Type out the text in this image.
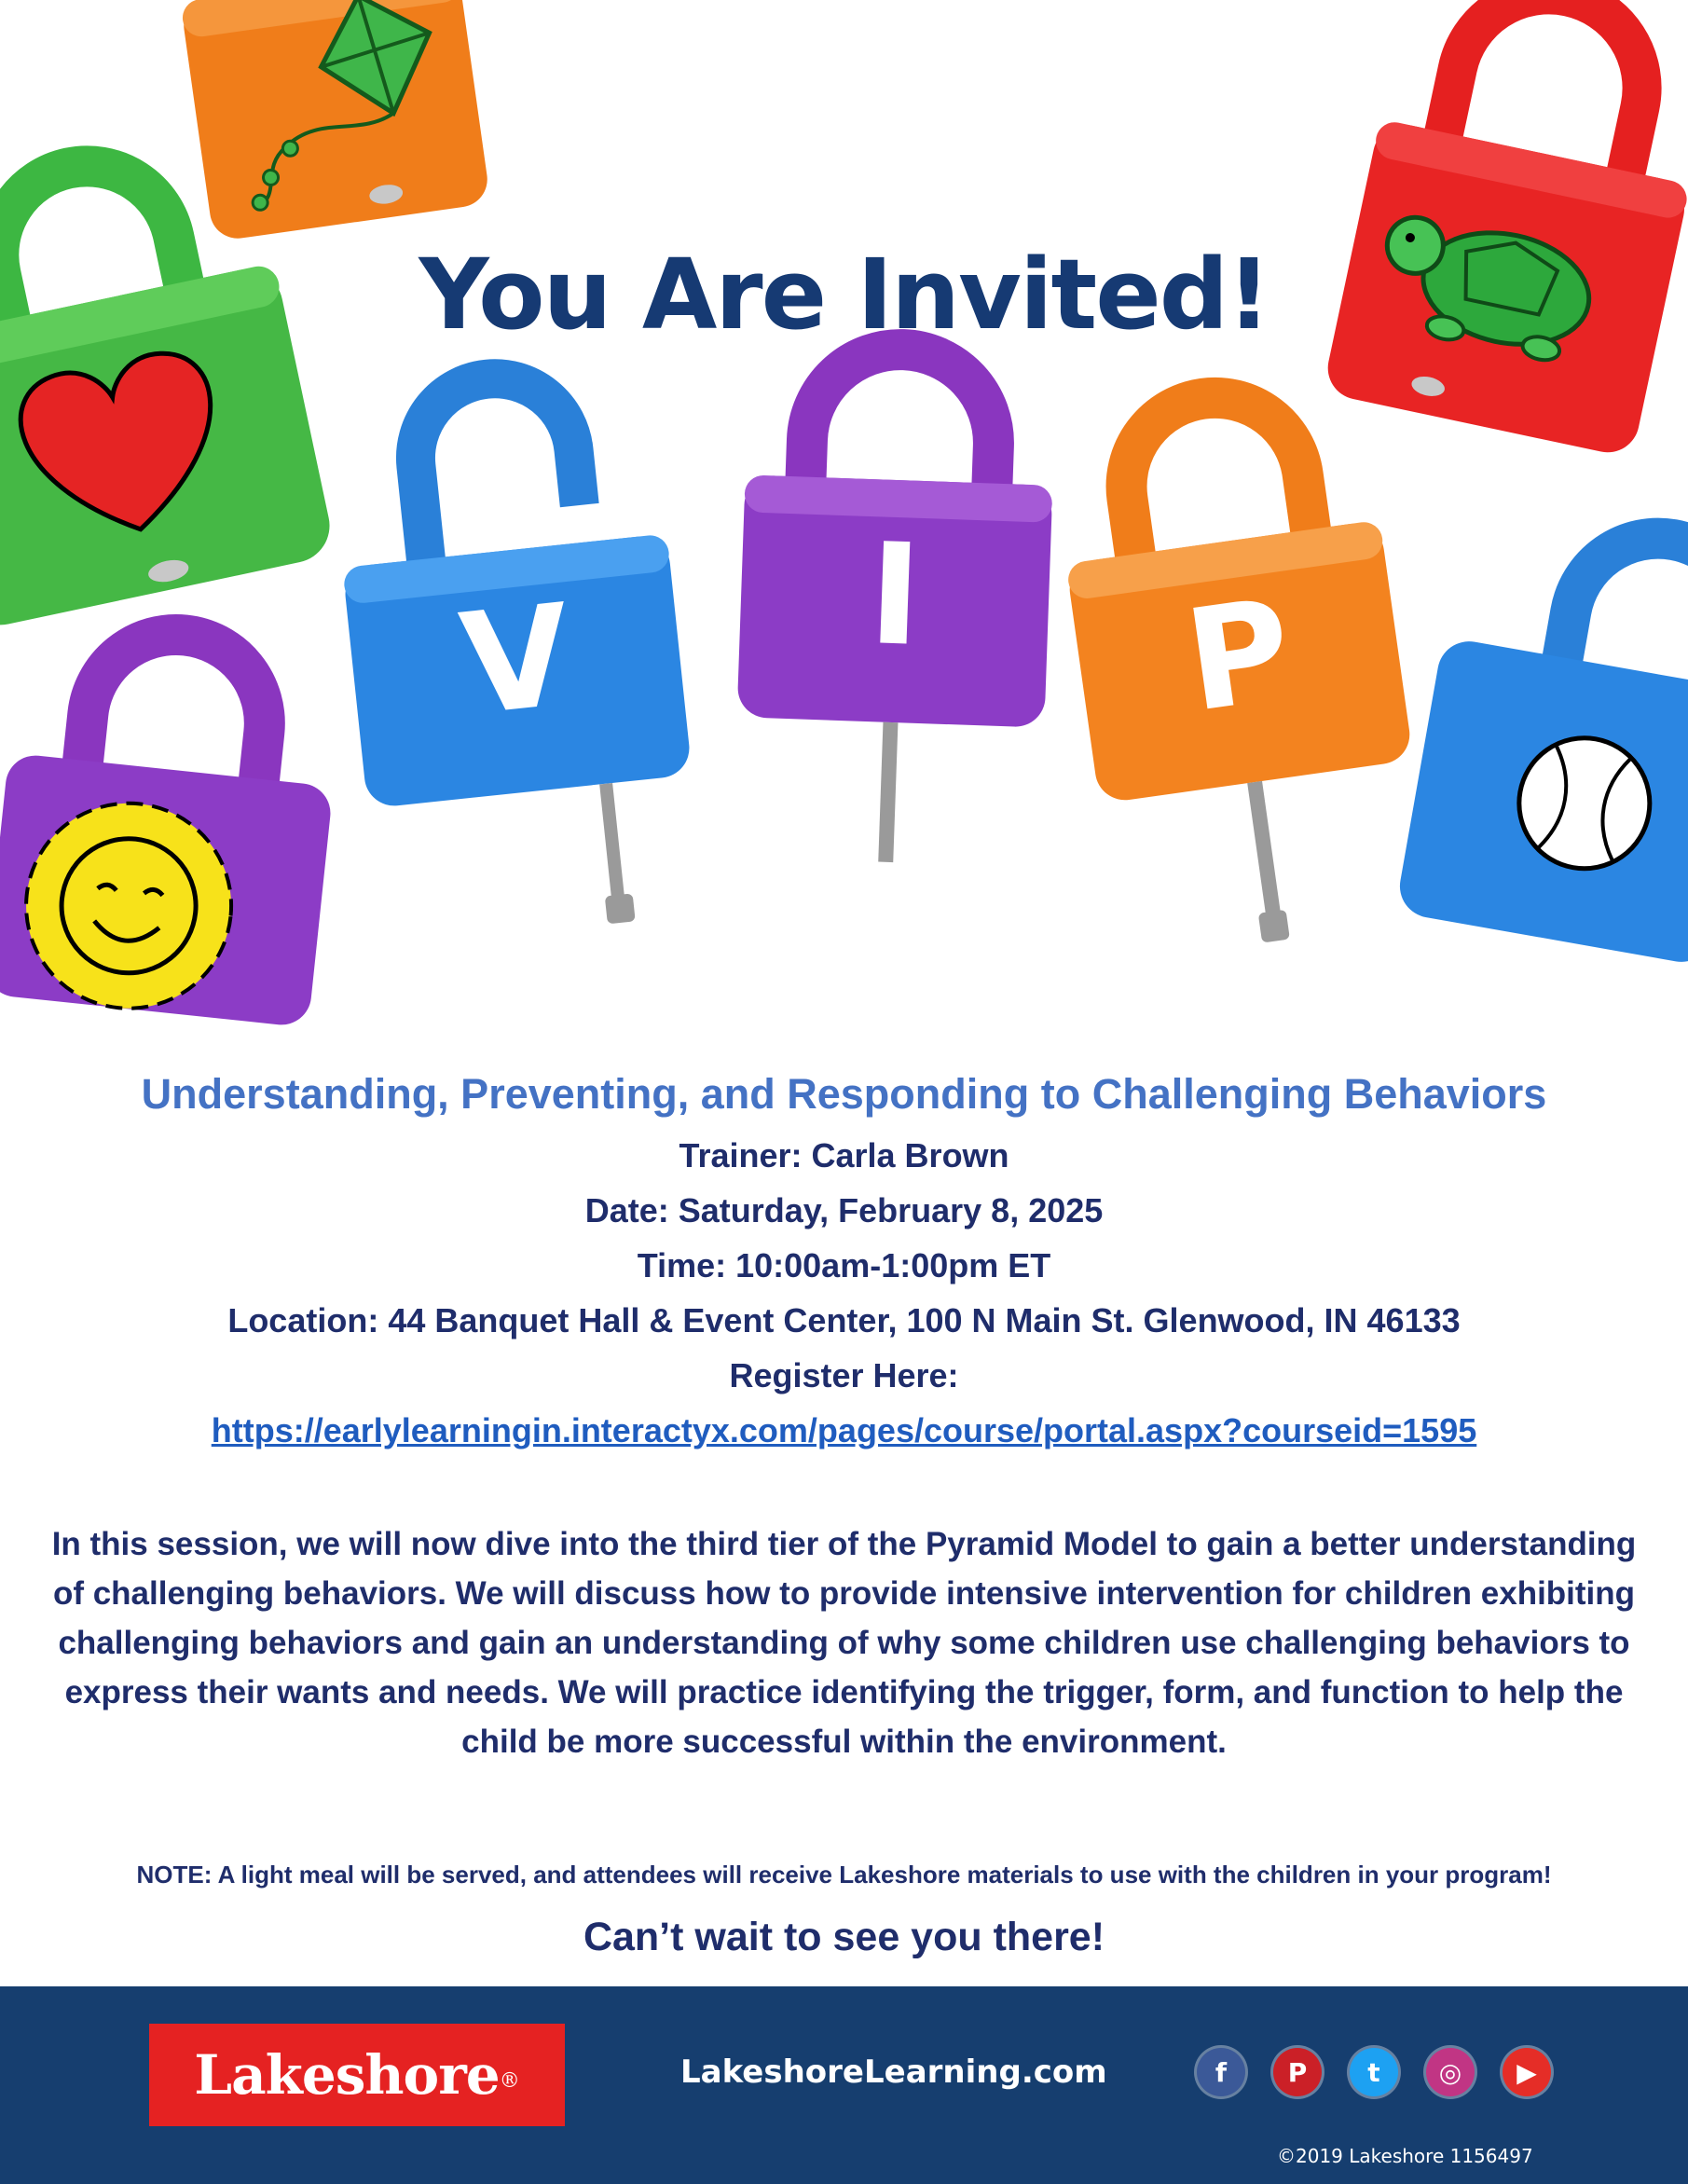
V I P
You Are Invited!

Understanding, Preventing, and Responding to Challenging Behaviors

Trainer: Carla Brown

Date: Saturday, February 8, 2025

Time: 10:00am-1:00pm ET

Location: 44 Banquet Hall & Event Center, 100 N Main St. Glenwood, IN 46133

Register Here:

https://earlylearningin.interactyx.com/pages/course/portal.aspx?courseid=1595

In this session, we will now dive into the third tier of the Pyramid Model to gain a better understanding of challenging behaviors. We will discuss how to provide intensive intervention for children exhibiting challenging behaviors and gain an understanding of why some children use challenging behaviors to express their wants and needs. We will practice identifying the trigger, form, and function to help the child be more successful within the environment.

NOTE: A light meal will be served, and attendees will receive Lakeshore materials to use with the children in your program!

Can’t wait to see you there!

Lakeshore ®	LakeshoreLearning.com	f P t ◎ ▶
©2019 Lakeshore 1156497
